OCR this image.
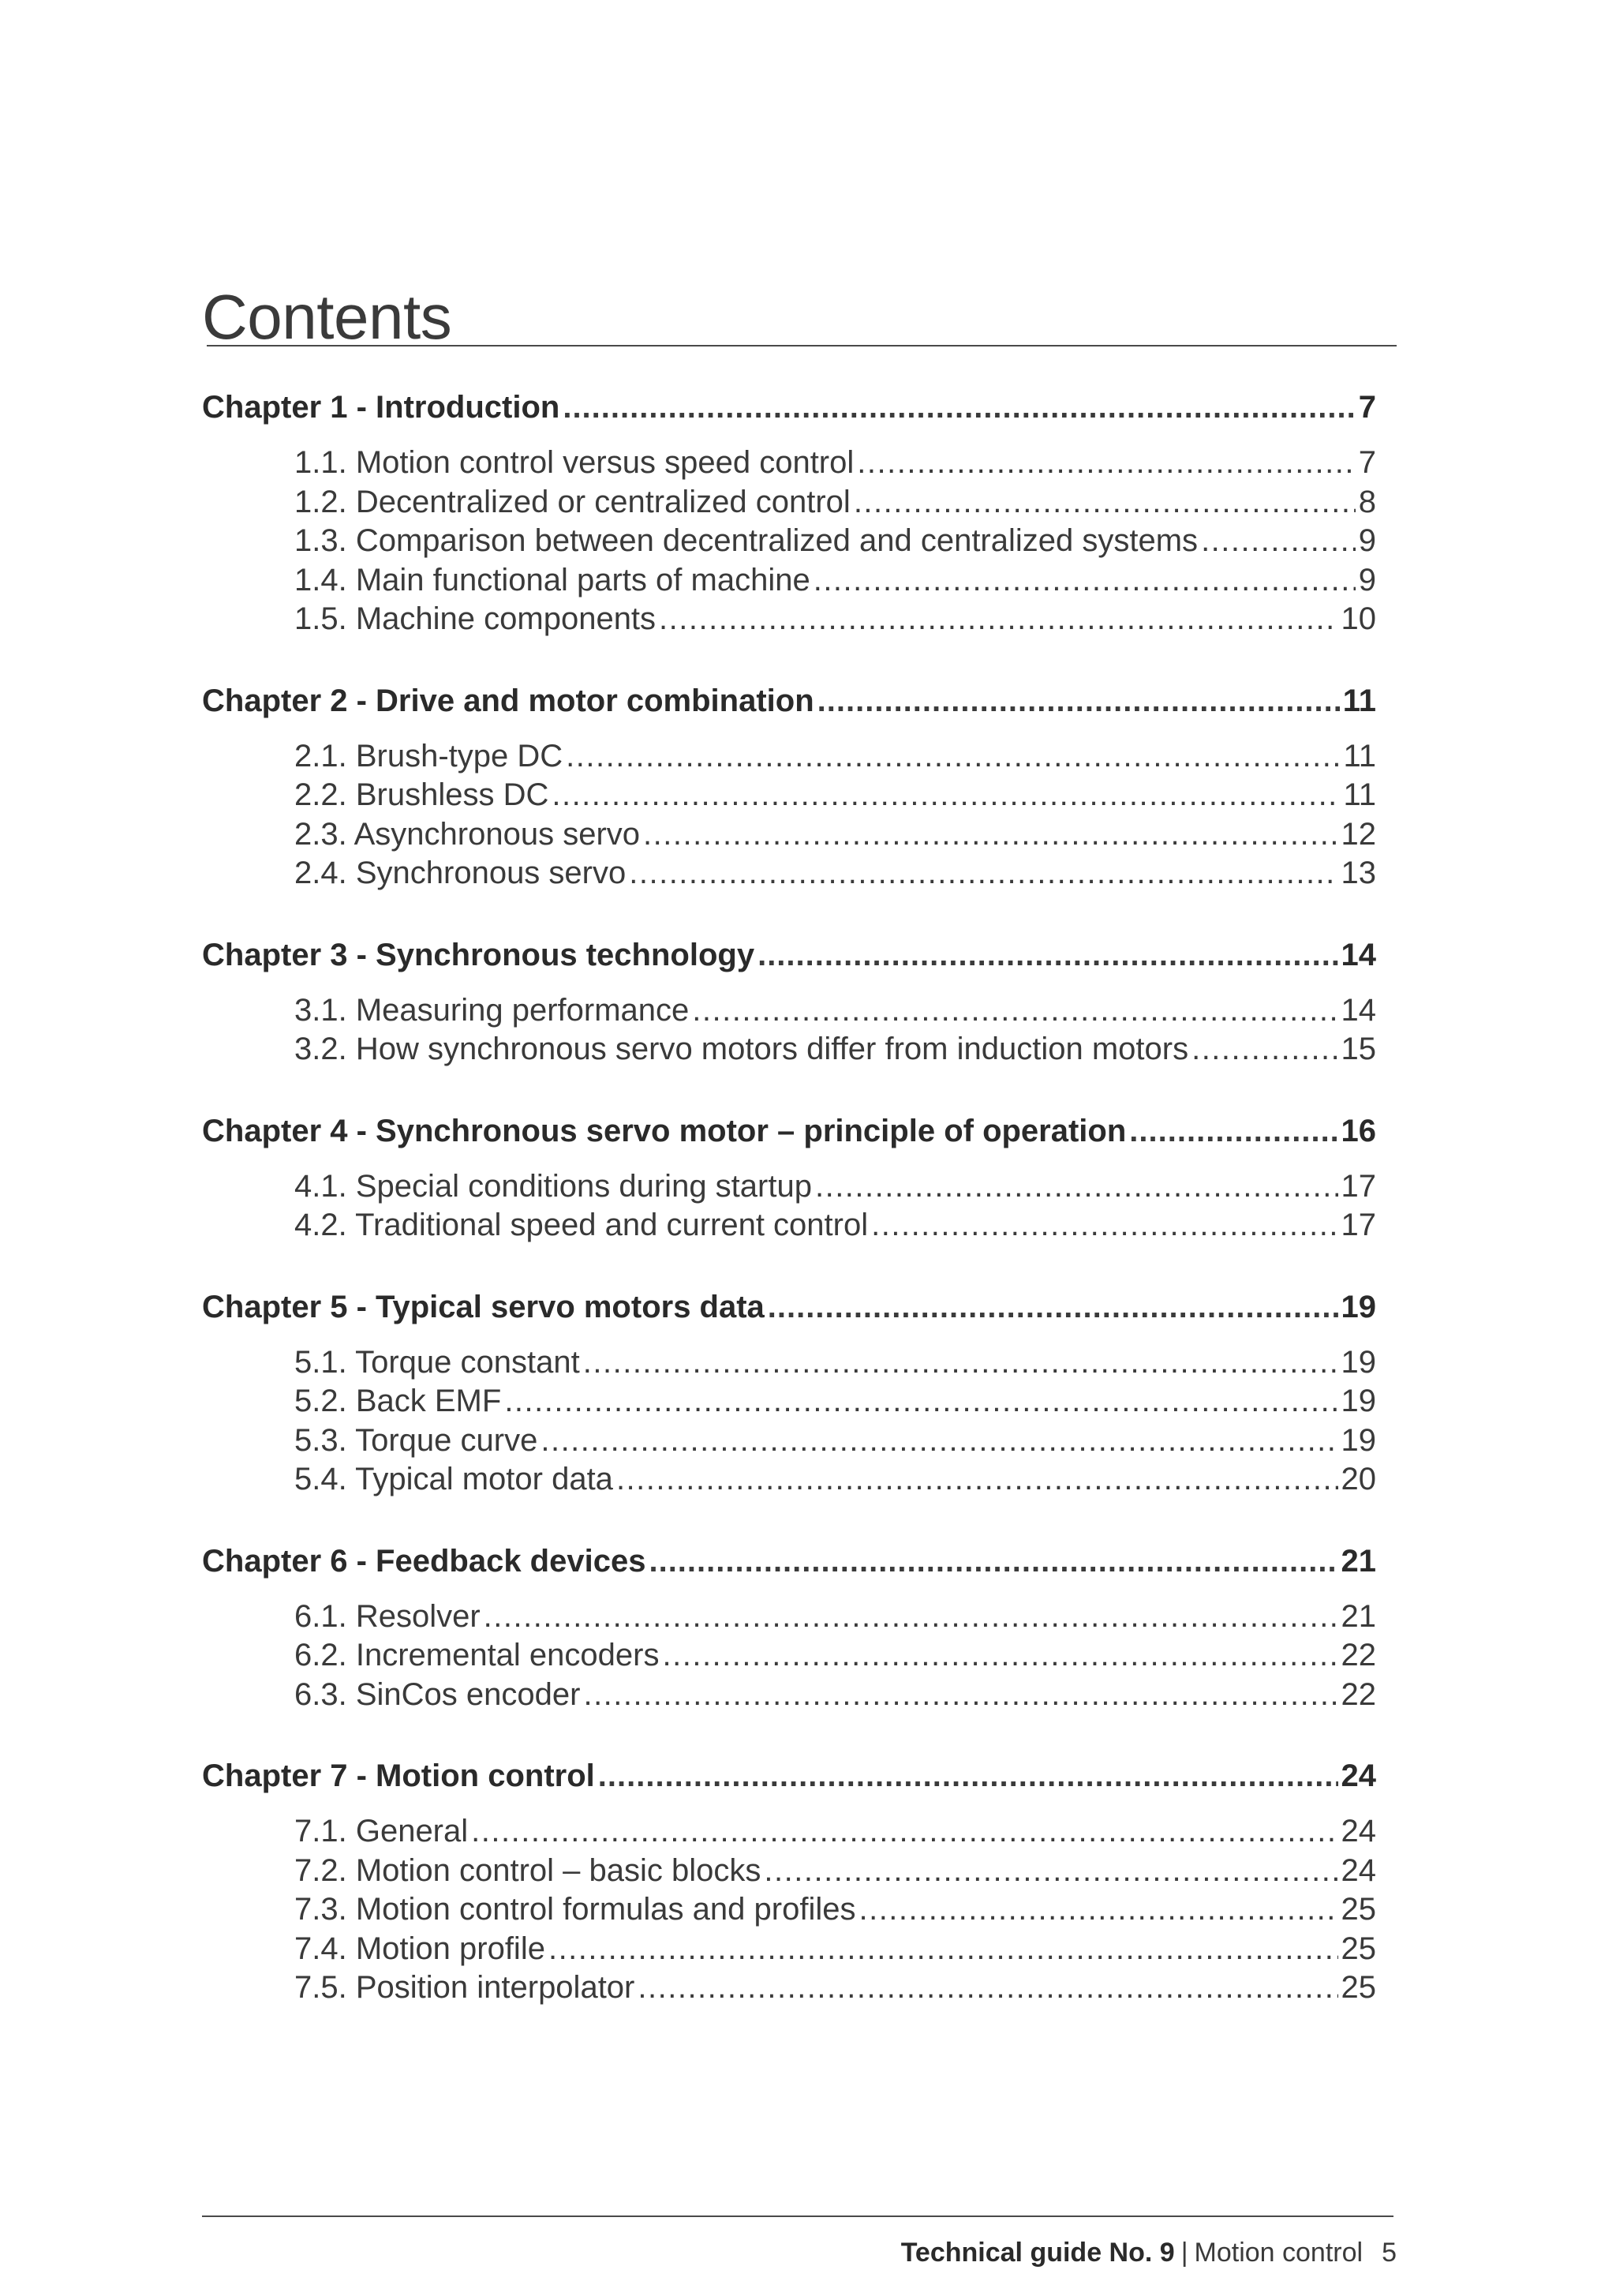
Contents
Chapter 1 - Introduction .....	7
1.1. Motion control versus speed control .....	7
1.2. Decentralized or centralized control .....	8
1.3. Comparison between decentralized and centralized systems .....	9
1.4. Main functional parts of machine .....	9
1.5. Machine components .....	10
Chapter 2 - Drive and motor combination .....	11
2.1. Brush-type DC .....	11
2.2. Brushless DC .....	11
2.3. Asynchronous servo .....	12
2.4. Synchronous servo .....	13
Chapter 3 - Synchronous technology .....	14
3.1. Measuring performance .....	14
3.2. How synchronous servo motors differ from induction motors .....	15
Chapter 4 - Synchronous servo motor – principle of operation .....	16
4.1. Special conditions during startup .....	17
4.2. Traditional speed and current control .....	17
Chapter 5 - Typical servo motors data .....	19
5.1. Torque constant .....	19
5.2. Back EMF .....	19
5.3. Torque curve .....	19
5.4. Typical motor data .....	20
Chapter 6 - Feedback devices .....	21
6.1. Resolver .....	21
6.2. Incremental encoders .....	22
6.3. SinCos encoder .....	22
Chapter 7 - Motion control .....	24
7.1. General .....	24
7.2. Motion control – basic blocks .....	24
7.3. Motion control formulas and profiles .....	25
7.4. Motion profile .....	25
7.5. Position interpolator .....	25
Technical guide No. 9 | Motion control 5
